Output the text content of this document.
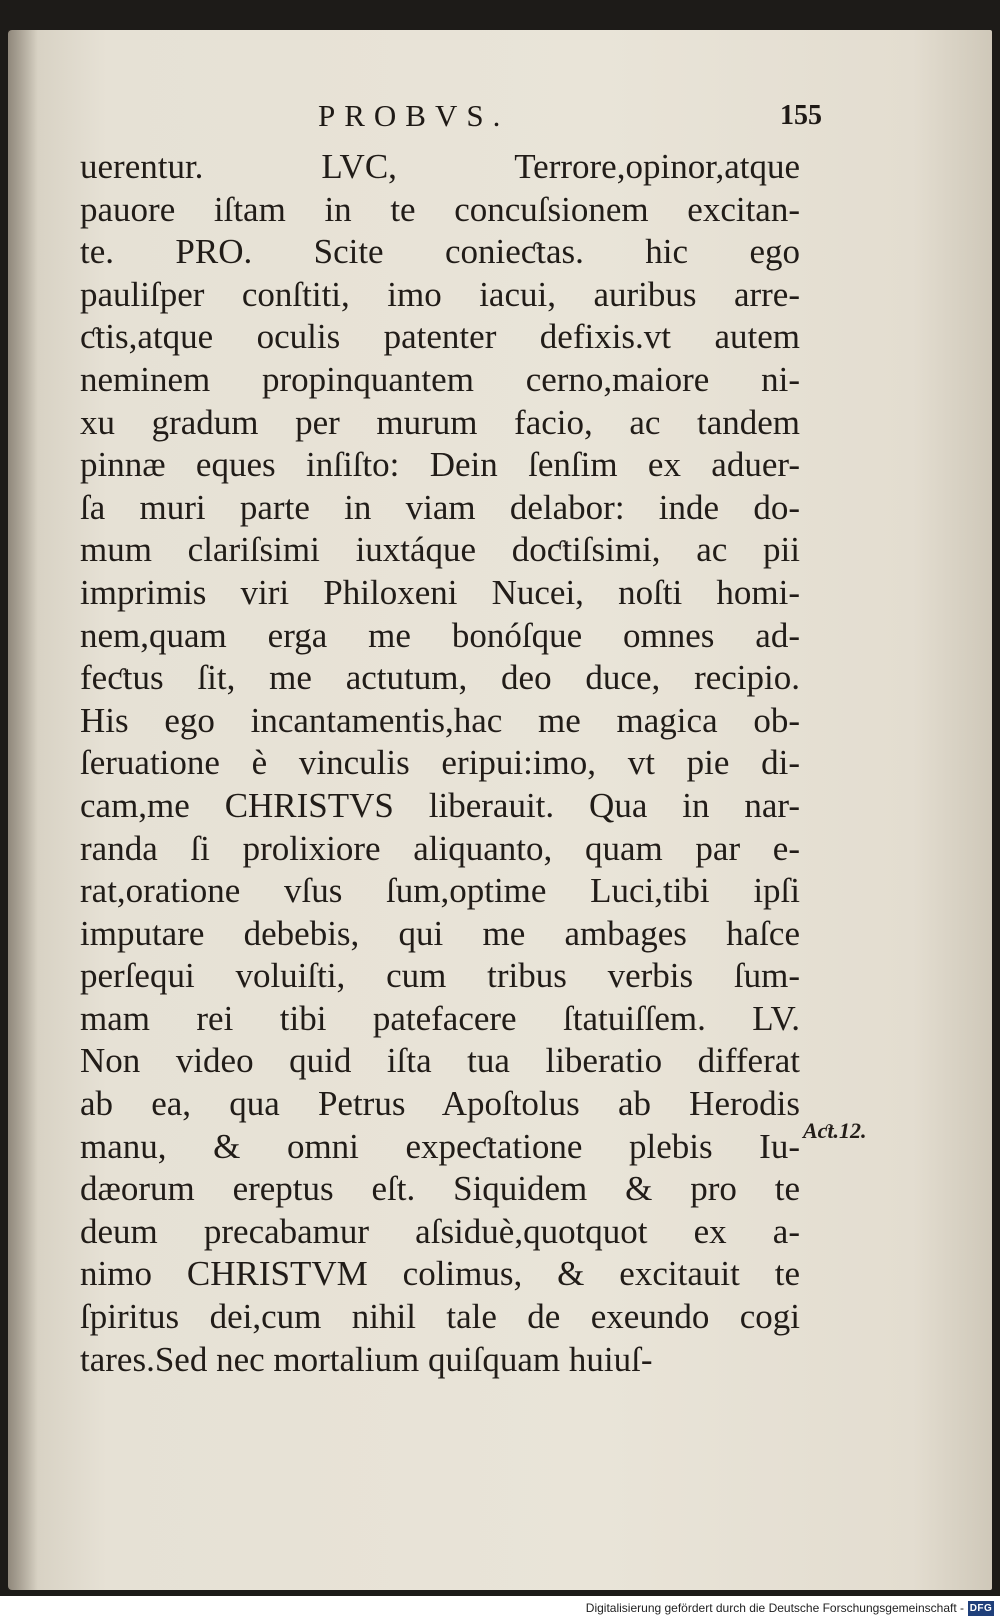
PROBVS.	155
uerentur. LVC, Terrore,opinor,atque
pauore iſtam in te concuſsionem excitan-
te. PRO. Scite conieƈtas. hic ego
pauliſper conſtiti, imo iacui, auribus arre-
ƈtis,atque oculis patenter defixis.vt autem
neminem propinquantem cerno,maiore ni-
xu gradum per murum facio, ac tandem
pinnæ eques inſiſto: Dein ſenſim ex aduer-
ſa muri parte in viam delabor: inde do-
mum clariſsimi iuxtáque doƈtiſsimi, ac pii
imprimis viri Philoxeni Nucei, noſti homi-
nem,quam erga me bonóſque omnes ad-
feƈtus ſit, me actutum, deo duce, recipio.
His ego incantamentis,hac me magica ob-
ſeruatione è vinculis eripui:imo, vt pie di-
cam,me CHRISTVS liberauit. Qua in nar-
randa ſi prolixiore aliquanto, quam par e-
rat,oratione vſus ſum,optime Luci,tibi ipſi
imputare debebis, qui me ambages haſce
perſequi voluiſti, cum tribus verbis ſum-
mam rei tibi patefacere ſtatuiſſem. LV.
Non video quid iſta tua liberatio differat
ab ea, qua Petrus Apoſtolus ab Herodis
manu, & omni expeƈtatione plebis Iu-
dæorum ereptus eſt. Siquidem & pro te
deum precabamur aſsiduè,quotquot ex a-
nimo CHRISTVM colimus, & excitauit te
ſpiritus dei,cum nihil tale de exeundo cogi
tares.Sed nec mortalium quiſquam huiuſ-
Aƈt.12.
Digitalisierung gefördert durch die Deutsche Forschungsgemeinschaft - DFG
